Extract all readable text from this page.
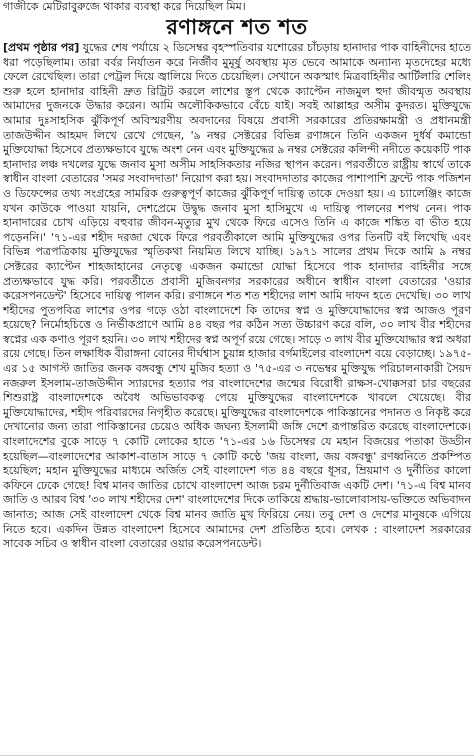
গাজীকে মেটিরাবুরুজে থাকার ব্যবস্থা করে দিয়েছিল মিম।

রণাঙ্গনে শত শত

[প্রথম পৃষ্ঠার পর] যুদ্ধের শেষ পর্যায়ে ২ ডিসেম্বর বৃহস্পতিবার যশোরের চাঁচড়ায় হানাদার পাক বাহিনীদের হাতে ধরা পড়েছিলাম। তারা বর্বর নির্যাতন করে নির্জীব মুমূর্ষু অবস্থায় মৃত ভেবে আমাকে অন্যান্য মৃতদেহের মধ্যে ফেলে রেখেছিল। তারা পেট্রল দিয়ে জ্বালিয়ে দিতে চেয়েছিল। সেখানে অকস্মাৎ মিত্রবাহিনীর আর্টিলারি শেলিং শুরু হলে হানাদার বাহিনী দ্রুত রিট্রিট করলে লাশের স্তূপ থেকে ক্যাপ্টেন নাজমুল হুদা জীবন্মৃত অবস্থায় আমাদের দুজনকে উদ্ধার করেন। আমি অলৌকিকভাবে বেঁচে যাই। সবই আল্লাহর অসীম কুদরত। মুক্তিযুদ্ধে আমার দুঃসাহসিক ঝুঁকিপূর্ণ অবিস্মরণীয় অবদানের বিষয়ে প্রবাসী সরকারের প্রতিরক্ষামন্ত্রী ও প্রধানমন্ত্রী তাজউদ্দীন আহমদ লিখে রেখে গেছেন, '৯ নম্বর সেক্টরের বিভিন্ন রণাঙ্গনে তিনি একজন দুর্ধর্ষ কমান্ডো মুক্তিযোদ্ধা হিসেবে প্রত্যক্ষভাবে যুদ্ধে অংশ নেন এবং মুক্তিযুদ্ধের ৯ নম্বর সেক্টরের কলিন্দী নদীতে কয়েকটি পাক হানাদার লঞ্চ দখলের যুদ্ধে জনাব মুসা অসীম সাহসিকতার নজির স্থাপন করেন। পরবর্তীতে রাষ্ট্রীয় স্বার্থে তাকে স্বাধীন বাংলা বেতারের 'সমর সংবাদদাতা' নিয়োগ করা হয়। সংবাদদাতার কাজের পাশাপাশি ফ্রন্টে পাক পজিশন ও ডিফেন্সের তথ্য সংগ্রহের সামরিক গুরুত্বপূর্ণ কাজের ঝুঁকিপূর্ণ দায়িত্ব তাকে দেওয়া হয়। এ চ্যালেঞ্জিং কাজে যখন কাউকে পাওয়া যায়নি, দেশপ্রেমে উদ্বুদ্ধ জনাব মুসা হাসিমুখে এ দায়িত্ব পালনের শপথ নেন। পাক হানাদারের চোখ এড়িয়ে বহুবার জীবন-মৃত্যুর মুখ থেকে ফিরে এসেও তিনি এ কাজে শঙ্কিত বা ভীত হয়ে পড়েননি।' '৭১-এর শহীদ দরজা থেকে ফিরে পরবর্তীকালে আমি মুক্তিযুদ্ধের ওপর তিনটি বই লিখেছি এবং বিভিন্ন পত্রপত্রিকায় মুক্তিযুদ্ধের স্মৃতিকথা নিয়মিত লিখে যাচ্ছি। ১৯৭১ সালের প্রথম দিকে আমি ৯ নম্বর সেক্টরের ক্যাপ্টেন শাহজাহানের নেতৃত্বে একজন কমান্ডো যোদ্ধা হিসেবে পাক হানাদার বাহিনীর সঙ্গে প্রত্যক্ষভাবে যুদ্ধ করি। পরবর্তীতে প্রবাসী মুজিবনগর সরকারের অধীনে স্বাধীন বাংলা বেতারের 'ওয়ার করেসপনডেন্ট' হিসেবে দায়িত্ব পালন করি। রণাঙ্গনে শত শত শহীদের লাশ আমি দাফন হতে দেখেছি। ৩০ লাখ শহীদের পুতপবিত্র লাশের ওপর গড়ে ওঠা বাংলাদেশে কি তাদের স্বপ্ন ও মুক্তিযোদ্ধাদের স্বপ্ন আজও পূরণ হয়েছে? নির্মোহচিত্তে ও নির্ভীকপ্রাণে আমি ৪৪ বছর পর কঠিন সত্য উচ্চারণ করে বলি, ৩০ লাখ বীর শহীদের স্বপ্নের এক কণাও পূরণ হয়নি। ৩০ লাখ শহীদের স্বপ্ন অপূর্ণ রয়ে গেছে। সাড়ে ৩ লাখ বীর মুক্তিযোদ্ধার স্বপ্ন অধরা রয়ে গেছে। তিন লক্ষাধিক বীরাঙ্গনা বোনের দীর্ঘশ্বাস চুয়ান্ন হাজার বর্গমাইলের বাংলাদেশ বয়ে বেড়াচ্ছে। ১৯৭৫-এর ১৫ আগস্ট জাতির জনক বঙ্গবন্ধু শেখ মুজিব হত্যা ও '৭৫-এর ৩ নভেম্বর মুক্তিযুদ্ধ পরিচালনাকারী সৈয়দ নজরুল ইসলাম-তাজউদ্দীন স্যারদের হত্যার পর বাংলাদেশের জন্মের বিরোধী রাক্ষস-খোক্কসরা চার বছরের শিশুরাষ্ট্র বাংলাদেশকে অবৈধ অভিভাবকত্ব পেয়ে মুক্তিযুদ্ধের বাংলাদেশকে খাবলে খেয়েছে। বীর মুক্তিযোদ্ধাদের, শহীদ পরিবারদের নিগৃহীত করেছে। মুক্তিযুদ্ধের বাংলাদেশকে পাকিস্তানের পদানত ও নিকৃষ্ট করে দেখানোর জন্য তারা পাকিস্তানের চেয়েও অধিক জঘন্য ইসলামী জঙ্গি দেশে রূপান্তরিত করেছে বাংলাদেশকে। বাংলাদেশের বুকে সাড়ে ৭ কোটি লোকের হাতে '৭১-এর ১৬ ডিসেম্বর যে মহান বিজয়ের পতাকা উড্ডীন হয়েছিল—বাংলাদেশের আকাশ-বাতাস সাড়ে ৭ কোটি কণ্ঠে 'জয় বাংলা, জয় বঙ্গবন্ধু' রণধ্বনিতে প্রকম্পিত হয়েছিল; মহান মুক্তিযুদ্ধের মাধ্যমে অর্জিত সেই বাংলাদেশ গত ৪৪ বছরে ধূসর, ম্রিয়মাণ ও দুর্নীতির কালো কফিনে ঢেকে গেছে! বিশ্ব মানব জাতির চোখে বাংলাদেশ আজ চরম দুর্নীতিবাজ একটি দেশ। '৭১-এ বিশ্ব মানব জাতি ও আরব বিশ্ব '৩০ লাখ শহীদের দেশ' বাংলাদেশের দিকে তাকিয়ে শ্রদ্ধায়-ভালোবাসায়-ভক্তিতে অভিবাদন জানাত; আজ সেই বাংলাদেশ থেকে বিশ্ব মানব জাতি মুখ ফিরিয়ে নেয়। তবু দেশ ও দেশের মানুষকে এগিয়ে নিতে হবে। একদিন উন্নত বাংলাদেশ হিসেবে আমাদের দেশ প্রতিষ্ঠিত হবে। লেখক : বাংলাদেশ সরকারের সাবেক সচিব ও স্বাধীন বাংলা বেতারের ওয়ার করেসপনডেন্ট।
